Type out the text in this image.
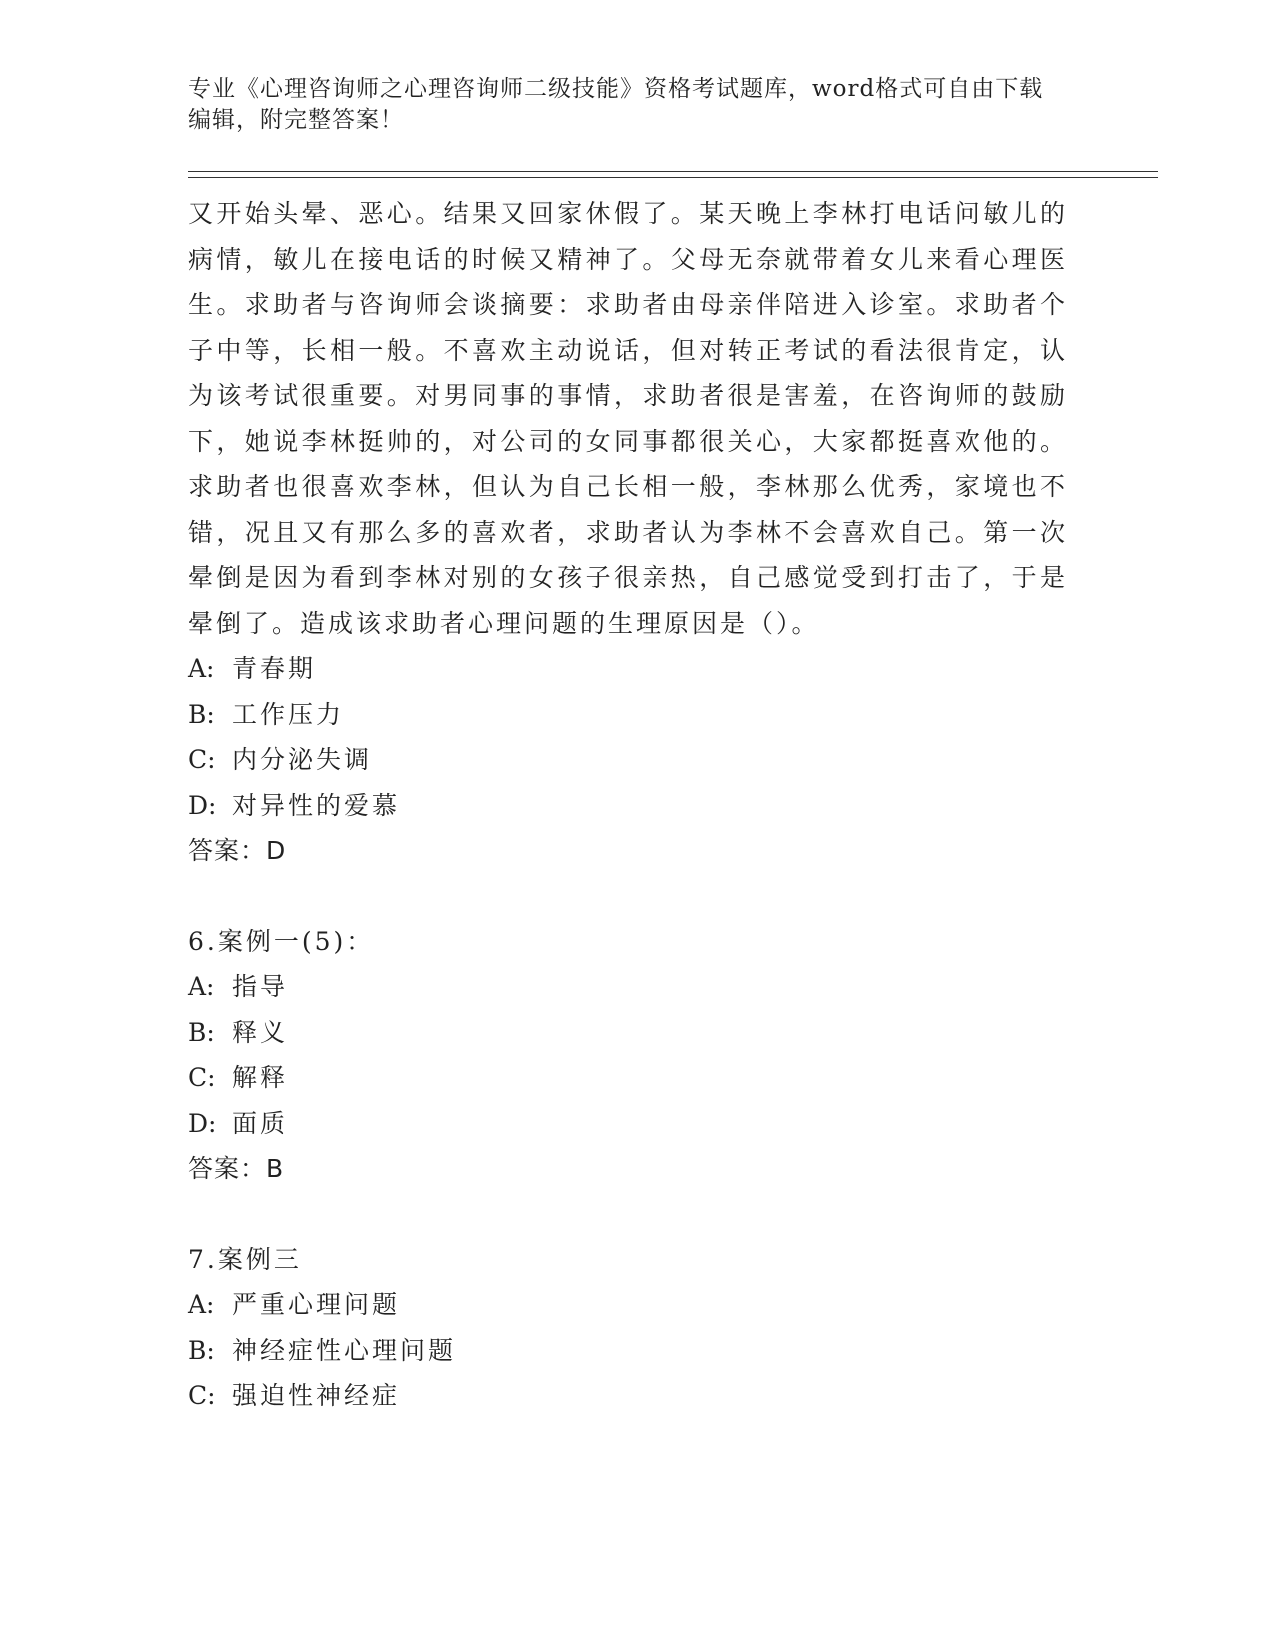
专业《心理咨询师之心理咨询师二级技能》资格考试题库，word格式可自由下载

编辑，附完整答案！

又开始头晕、恶心。结果又回家休假了。某天晚上李林打电话问敏儿的病情，敏儿在接电话的时候又精神了。父母无奈就带着女儿来看心理医生。求助者与咨询师会谈摘要：求助者由母亲伴陪进入诊室。求助者个子中等，长相一般。不喜欢主动说话，但对转正考试的看法很肯定，认为该考试很重要。对男同事的事情，求助者很是害羞，在咨询师的鼓励下，她说李林挺帅的，对公司的女同事都很关心，大家都挺喜欢他的。求助者也很喜欢李林，但认为自己长相一般，李林那么优秀，家境也不错，况且又有那么多的喜欢者，求助者认为李林不会喜欢自己。第一次晕倒是因为看到李林对别的女孩子很亲热，自己感觉受到打击了，于是晕倒了。造成该求助者心理问题的生理原因是（）。

A: 青春期

B: 工作压力

C: 内分泌失调

D: 对异性的爱慕

答案：D

6.案例一(5)：

A: 指导

B: 释义

C: 解释

D: 面质

答案：B

7.案例三

A: 严重心理问题

B: 神经症性心理问题

C: 强迫性神经症
